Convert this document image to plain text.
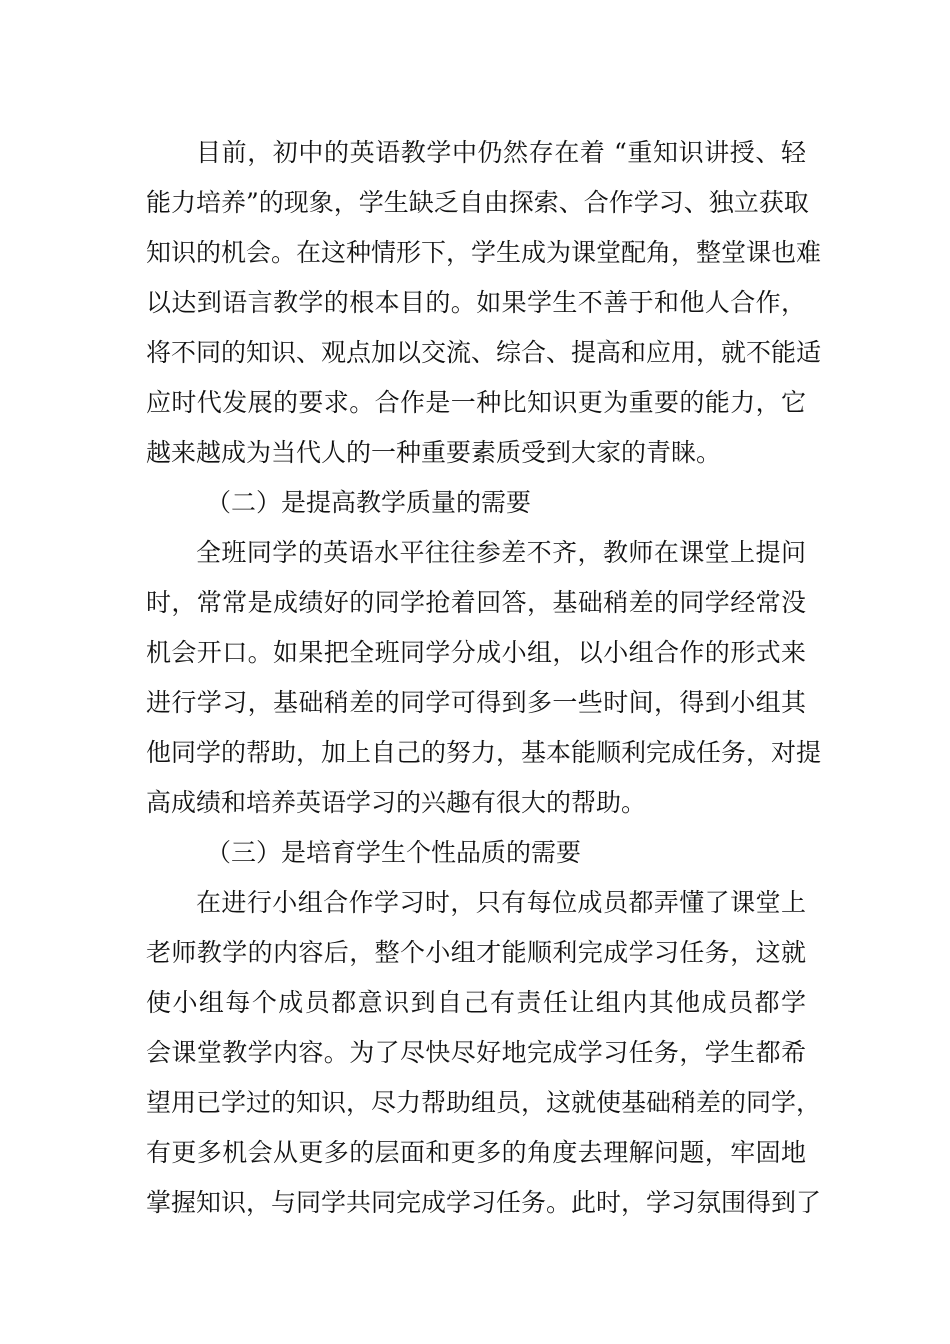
目前，初中的英语教学中仍然存在着 “重知识讲授、轻
能力培养”的现象，学生缺乏自由探索、合作学习、独立获取
知识的机会。在这种情形下，学生成为课堂配角，整堂课也难
以达到语言教学的根本目的。如果学生不善于和他人合作，
将不同的知识、观点加以交流、综合、提高和应用，就不能适
应时代发展的要求。合作是一种比知识更为重要的能力，它
越来越成为当代人的一种重要素质受到大家的青睐。
（二）是提高教学质量的需要
全班同学的英语水平往往参差不齐，教师在课堂上提问
时，常常是成绩好的同学抢着回答，基础稍差的同学经常没
机会开口。如果把全班同学分成小组，以小组合作的形式来
进行学习，基础稍差的同学可得到多一些时间，得到小组其
他同学的帮助，加上自己的努力，基本能顺利完成任务，对提
高成绩和培养英语学习的兴趣有很大的帮助。
（三）是培育学生个性品质的需要
在进行小组合作学习时，只有每位成员都弄懂了课堂上
老师教学的内容后，整个小组才能顺利完成学习任务，这就
使小组每个成员都意识到自己有责任让组内其他成员都学
会课堂教学内容。为了尽快尽好地完成学习任务，学生都希
望用已学过的知识，尽力帮助组员，这就使基础稍差的同学，
有更多机会从更多的层面和更多的角度去理解问题，牢固地
掌握知识，与同学共同完成学习任务。此时，学习氛围得到了
